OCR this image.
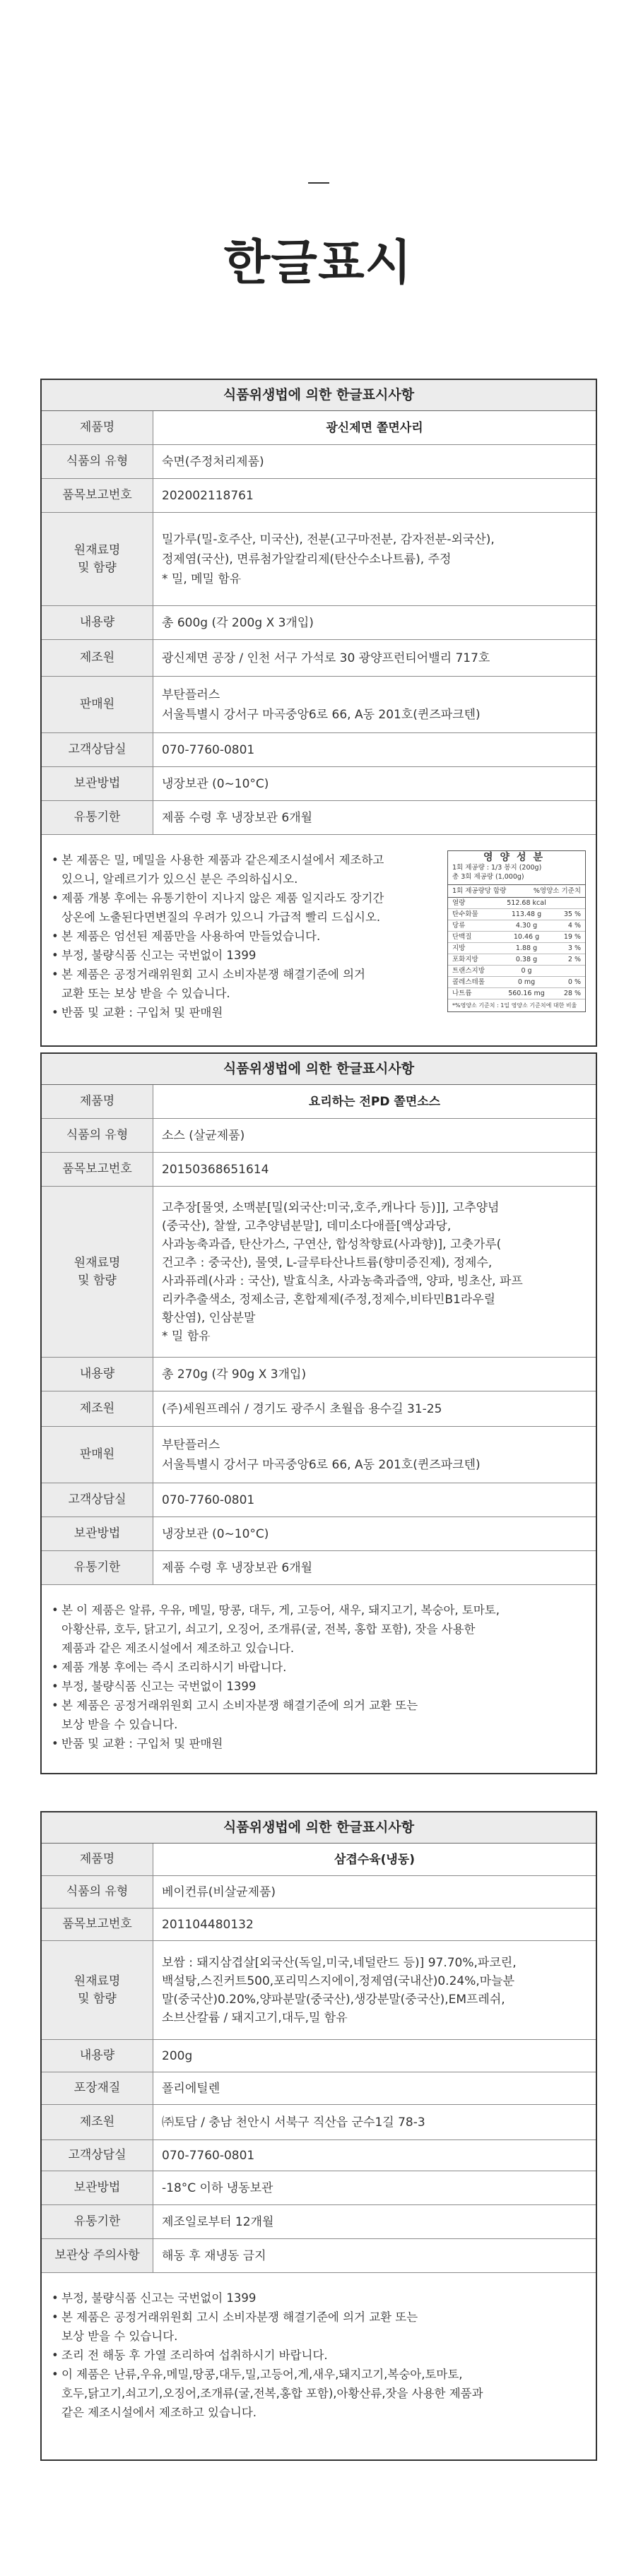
한글표시
식품위생법에 의한 한글표시사항
제품명	광신제면 쫄면사리
식품의 유형	숙면(주정처리제품)
품목보고번호	202002118761
원재료명
및 함량
밀가루(밀-호주산, 미국산), 전분(고구마전분, 감자전분-외국산),
정제염(국산), 면류첨가알칼리제(탄산수소나트륨), 주정
* 밀, 메밀 함유
내용량	총 600g (각 200g X 3개입)
제조원	광신제면 공장 / 인천 서구 가석로 30 광양프런티어밸리 717호
판매원
부탄플러스
서울특별시 강서구 마곡중앙6로 66, A동 201호(퀸즈파크텐)
고객상담실	070-7760-0801
보관방법	냉장보관 (0~10°C)
유통기한	제품 수령 후 냉장보관 6개월
• 본 제품은 밀, 메밀을 사용한 제품과 같은제조시설에서 제조하고
있으니, 알레르기가 있으신 분은 주의하십시오.
• 제품 개봉 후에는 유통기한이 지나지 않은 제품 일지라도 장기간
상온에 노출된다면변질의 우려가 있으니 가급적 빨리 드십시오.
• 본 제품은 엄선된 제품만을 사용하여 만들었습니다.
• 부정, 불량식품 신고는 국번없이 1399
• 본 제품은 공정거래위원회 고시 소비자분쟁 해결기준에 의거
교환 또는 보상 받을 수 있습니다.
• 반품 및 교환 : 구입처 및 판매원
영양성분
1회 제공량 : 1/3 봉지 (200g)
총 3회 제공량 (1,000g)
1회 제공량당 함량	%영양소 기준치
열량	512.68 kcal
탄수화물	113.48 g	35 %
당류	4.30 g	4 %
단백질	10.46 g	19 %
지방	1.88 g	3 %
포화지방	0.38 g	2 %
트랜스지방	0 g
콜레스테롤	0 mg	0 %
나트륨	560.16 mg	28 %
*%영양소 기준치 : 1일 영양소 기준치에 대한 비율
식품위생법에 의한 한글표시사항
제품명	요리하는 전PD 쫄면소스
식품의 유형	소스 (살균제품)
품목보고번호	20150368651614
원재료명
및 함량
고추장[물엿, 소맥분[밀(외국산:미국,호주,캐나다 등)]], 고추양념
(중국산), 찰쌀, 고추양념분말], 데미소다애플[액상과당,
사과농축과즙, 탄산가스, 구연산, 합성착향료(사과향)], 고춧가루(
건고추 : 중국산), 물엿, L-글루타산나트륨(향미증진제), 정제수,
사과퓨레(사과 : 국산), 발효식초, 사과농축과즙액, 양파, 빙초산, 파프
리카추출색소, 정제소금, 혼합제제(주정,정제수,비타민B1라우릴
황산염), 인삼분말
* 밀 함유
내용량	총 270g (각 90g X 3개입)
제조원	(주)세원프레쉬 / 경기도 광주시 초월읍 용수길 31-25
판매원
부탄플러스
서울특별시 강서구 마곡중앙6로 66, A동 201호(퀸즈파크텐)
고객상담실	070-7760-0801
보관방법	냉장보관 (0~10°C)
유통기한	제품 수령 후 냉장보관 6개월
• 본 이 제품은 알류, 우유, 메밀, 땅콩, 대두, 게, 고등어, 새우, 돼지고기, 복숭아, 토마토,
아황산류, 호두, 닭고기, 쇠고기, 오징어, 조개류(굴, 전복, 홍합 포함), 잣을 사용한
제품과 같은 제조시설에서 제조하고 있습니다.
• 제품 개봉 후에는 즉시 조리하시기 바랍니다.
• 부정, 불량식품 신고는 국번없이 1399
• 본 제품은 공정거래위원회 고시 소비자분쟁 해결기준에 의거 교환 또는
보상 받을 수 있습니다.
• 반품 및 교환 : 구입처 및 판매원
식품위생법에 의한 한글표시사항
제품명	삼겹수육(냉동)
식품의 유형	베이컨류(비살균제품)
품목보고번호	201104480132
원재료명
및 함량
보쌈 : 돼지삼겹살[외국산(독일,미국,네덜란드 등)] 97.70%,파코린,
백설탕,스진커트500,포리믹스지에이,정제염(국내산)0.24%,마늘분
말(중국산)0.20%,양파분말(중국산),생강분말(중국산),EM프레쉬,
소브산칼륨 / 돼지고기,대두,밀 함유
내용량	200g
포장재질	폴리에틸렌
제조원	㈜토담 / 충남 천안시 서북구 직산읍 군수1길 78-3
고객상담실	070-7760-0801
보관방법	-18°C 이하 냉동보관
유통기한	제조일로부터 12개월
보관상 주의사항	해동 후 재냉동 금지
• 부정, 불량식품 신고는 국번없이 1399
• 본 제품은 공정거래위원회 고시 소비자분쟁 해결기준에 의거 교환 또는
보상 받을 수 있습니다.
• 조리 전 해동 후 가열 조리하여 섭취하시기 바랍니다.
• 이 제품은 난류,우유,메밀,땅콩,대두,밀,고등어,게,새우,돼지고기,복숭아,토마토,
호두,닭고기,쇠고기,오징어,조개류(굴,전복,홍합 포함),아황산류,잣을 사용한 제품과
같은 제조시설에서 제조하고 있습니다.
